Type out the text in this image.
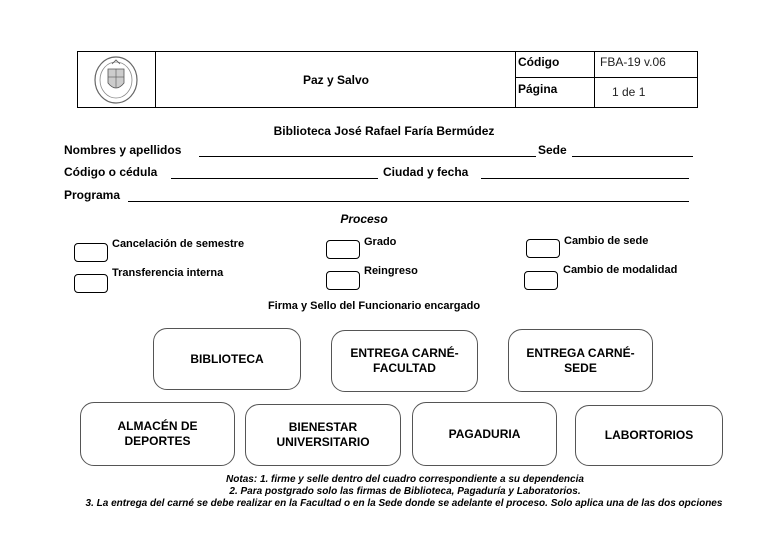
Paz y Salvo
Código	FBA-19 v.06
Página	1 de 1
Biblioteca José Rafael Faría Bermúdez
Nombres y apellidos	Sede
Código o cédula	Ciudad y fecha
Programa
Proceso
Cancelación de semestre	Grado	Cambio de sede
Transferencia interna	Reingreso	Cambio de modalidad
Firma y Sello del Funcionario encargado
BIBLIOTECA	ENTREGA CARNÉ-
FACULTAD
ENTREGA CARNÉ-
SEDE
ALMACÉN DE
DEPORTES
BIENESTAR
UNIVERSITARIO
PAGADURIA	LABORTORIOS
Notas: 1. firme y selle dentro del cuadro correspondiente a su dependencia
2. Para postgrado solo las firmas de Biblioteca, Pagaduría y Laboratorios.
3. La entrega del carné se debe realizar en la Facultad o en la Sede donde se adelante el proceso. Solo aplica una de las dos opciones
